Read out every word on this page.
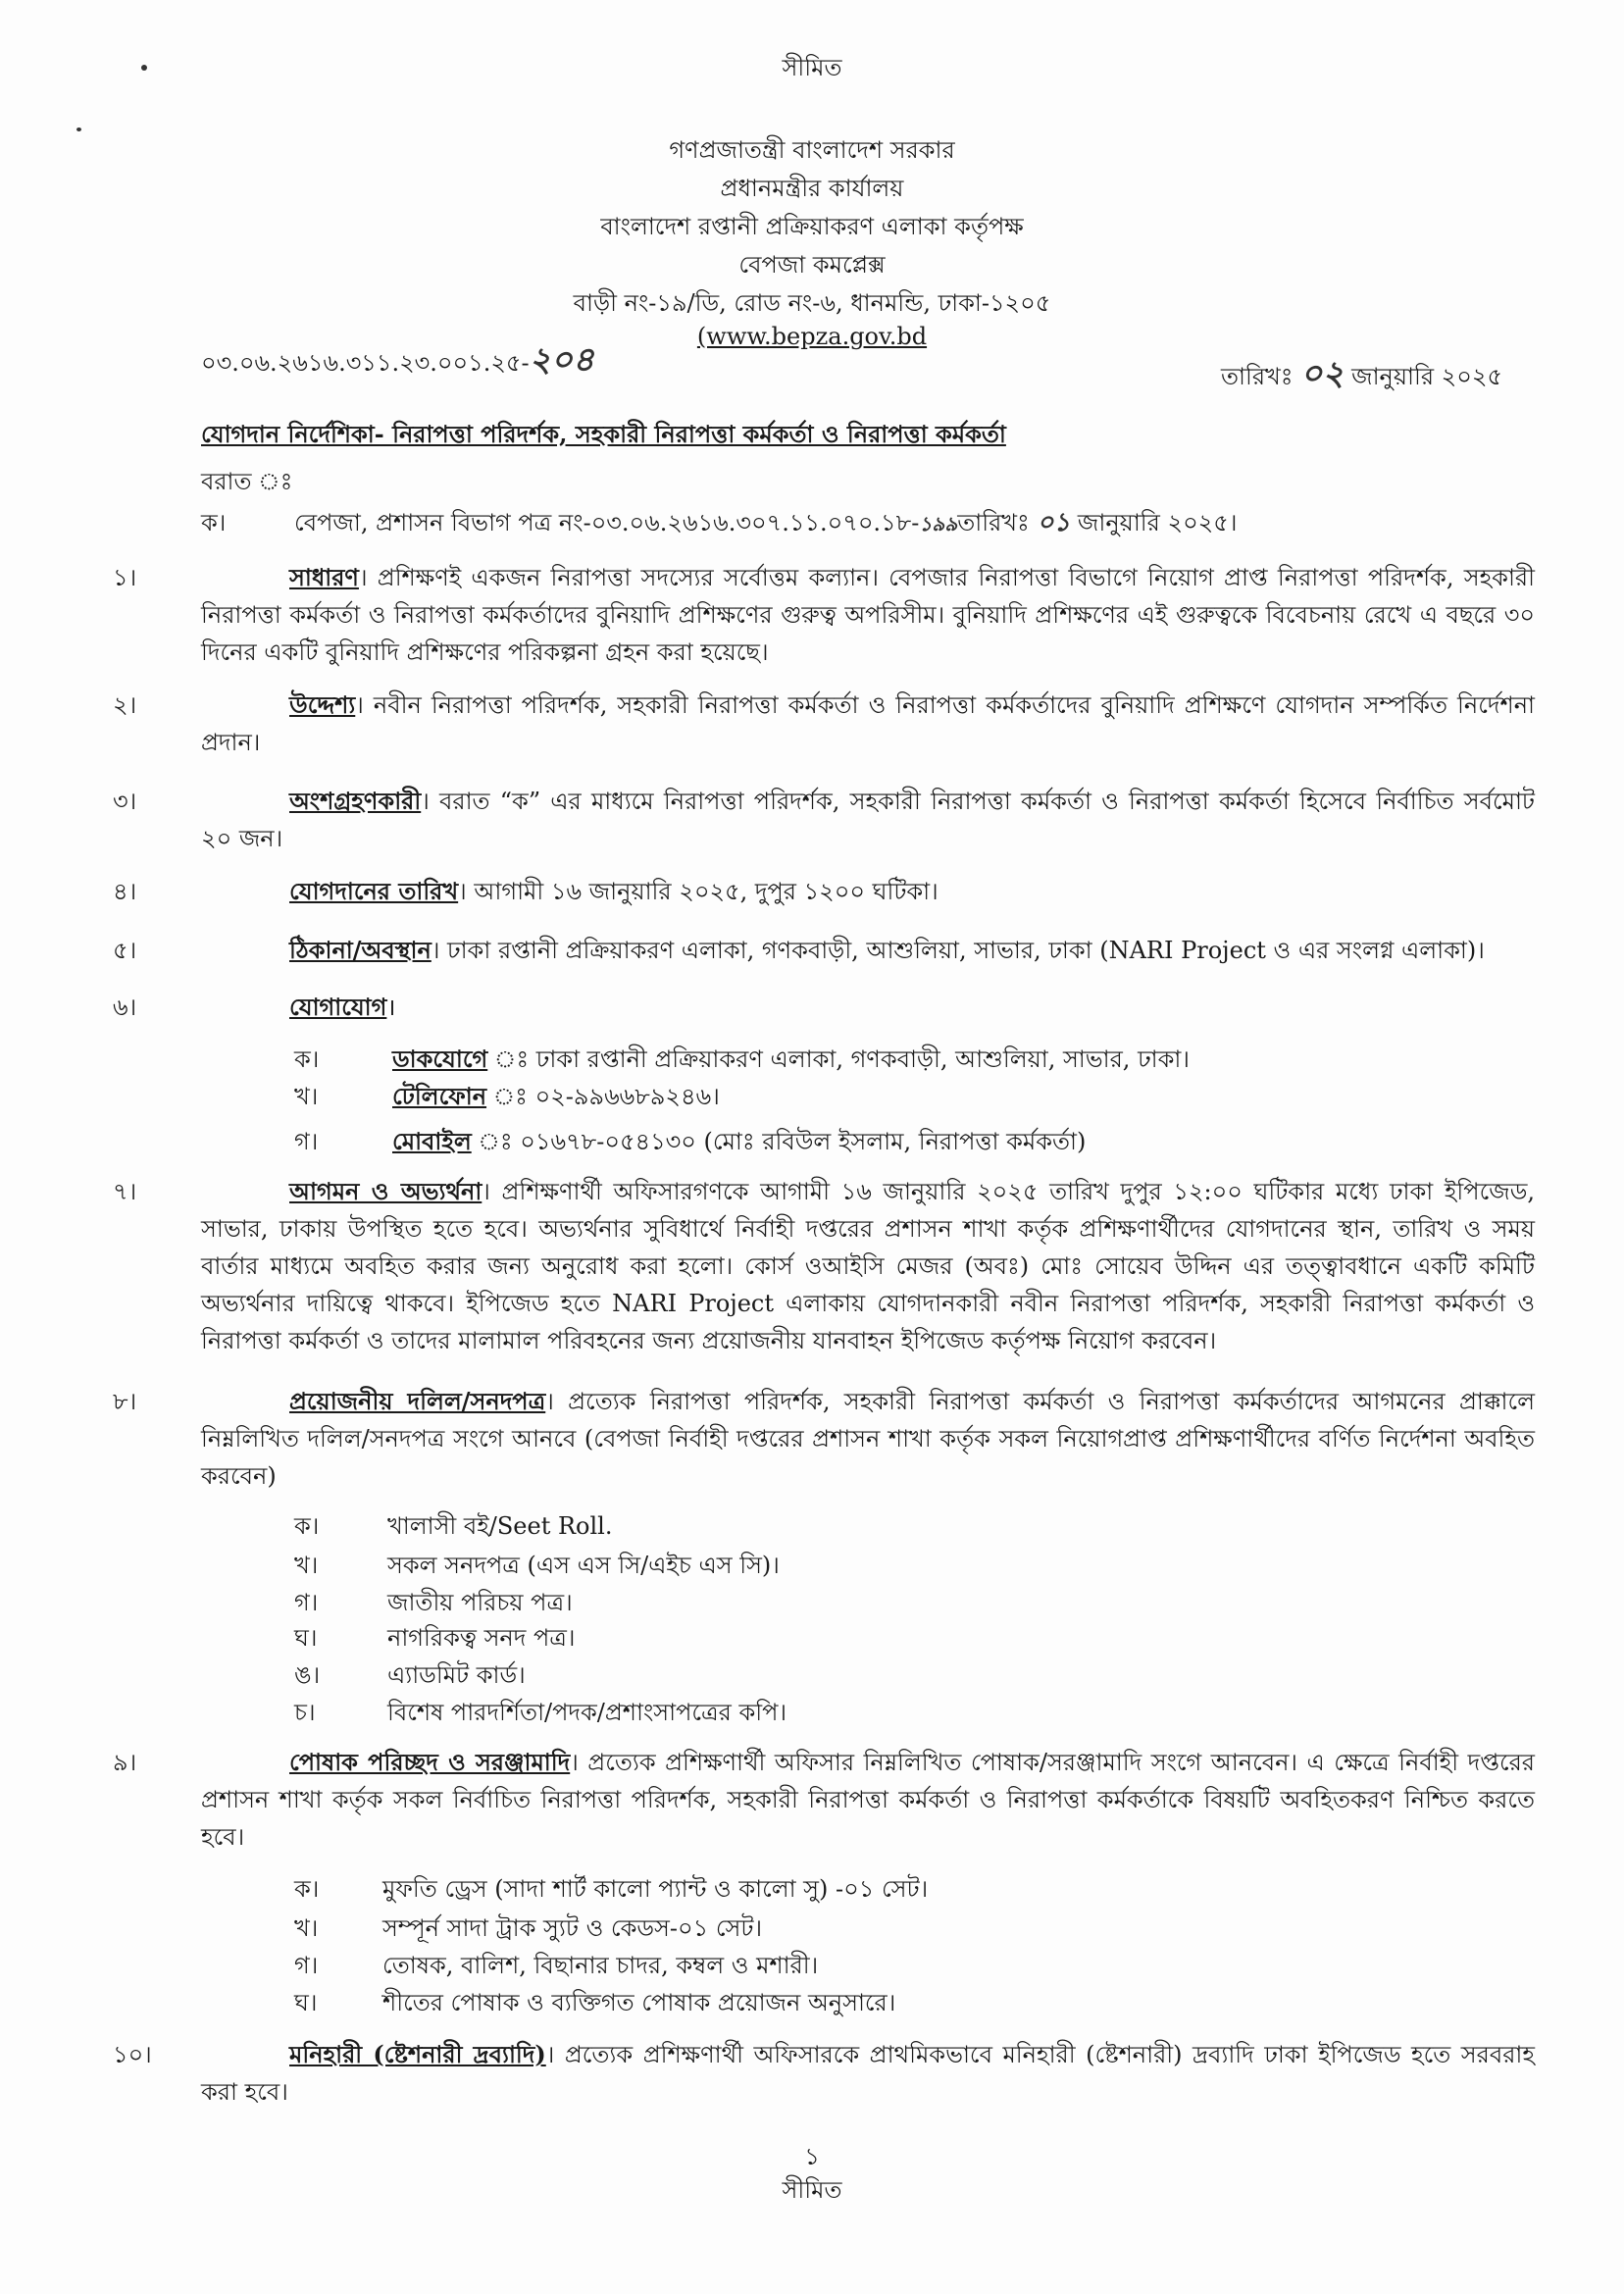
সীমিত
গণপ্রজাতন্ত্রী বাংলাদেশ সরকার
প্রধানমন্ত্রীর কার্যালয়
বাংলাদেশ রপ্তানী প্রক্রিয়াকরণ এলাকা কর্তৃপক্ষ
বেপজা কমপ্লেক্স
বাড়ী নং-১৯/ডি, রোড নং-৬, ধানমন্ডি, ঢাকা-১২০৫
(www.bepza.gov.bd
০৩.০৬.২৬১৬.৩১১.২৩.০০১.২৫-২০৪	তারিখঃ ০২ জানুয়ারি ২০২৫
যোগদান নির্দেশিকা- নিরাপত্তা পরিদর্শক, সহকারী নিরাপত্তা কর্মকর্তা ও নিরাপত্তা কর্মকর্তা
বরাত ঃ
ক।	বেপজা, প্রশাসন বিভাগ পত্র নং-০৩.০৬.২৬১৬.৩০৭.১১.০৭০.১৮-১৯৯তারিখঃ ০১ জানুয়ারি ২০২৫।
১।	সাধারণ। প্রশিক্ষণই একজন নিরাপত্তা সদস্যের সর্বোত্তম কল্যান। বেপজার নিরাপত্তা বিভাগে নিয়োগ প্রাপ্ত নিরাপত্তা পরিদর্শক, সহকারী নিরাপত্তা কর্মকর্তা ও নিরাপত্তা কর্মকর্তাদের বুনিয়াদি প্রশিক্ষণের গুরুত্ব অপরিসীম। বুনিয়াদি প্রশিক্ষণের এই গুরুত্বকে বিবেচনায় রেখে এ বছরে ৩০ দিনের একটি বুনিয়াদি প্রশিক্ষণের পরিকল্পনা গ্রহন করা হয়েছে।
২।	উদ্দেশ্য। নবীন নিরাপত্তা পরিদর্শক, সহকারী নিরাপত্তা কর্মকর্তা ও নিরাপত্তা কর্মকর্তাদের বুনিয়াদি প্রশিক্ষণে যোগদান সম্পর্কিত নির্দেশনা প্রদান।
৩।	অংশগ্রহণকারী। বরাত “ক” এর মাধ্যমে নিরাপত্তা পরিদর্শক, সহকারী নিরাপত্তা কর্মকর্তা ও নিরাপত্তা কর্মকর্তা হিসেবে নির্বাচিত সর্বমোট ২০ জন।
৪।	যোগদানের তারিখ। আগামী ১৬ জানুয়ারি ২০২৫, দুপুর ১২০০ ঘটিকা।
৫।	ঠিকানা/অবস্থান। ঢাকা রপ্তানী প্রক্রিয়াকরণ এলাকা, গণকবাড়ী, আশুলিয়া, সাভার, ঢাকা (NARI Project ও এর সংলগ্ন এলাকা)।
৬।	যোগাযোগ।
ক।	ডাকযোগে ঃ ঢাকা রপ্তানী প্রক্রিয়াকরণ এলাকা, গণকবাড়ী, আশুলিয়া, সাভার, ঢাকা।
খ।	টেলিফোন ঃ ০২-৯৯৬৬৮৯২৪৬।
গ।	মোবাইল ঃ ০১৬৭৮-০৫৪১৩০ (মোঃ রবিউল ইসলাম, নিরাপত্তা কর্মকর্তা)
৭।	আগমন ও অভ্যর্থনা। প্রশিক্ষণার্থী অফিসারগণকে আগামী ১৬ জানুয়ারি ২০২৫ তারিখ দুপুর ১২:০০ ঘটিকার মধ্যে ঢাকা ইপিজেড, সাভার, ঢাকায় উপস্থিত হতে হবে। অভ্যর্থনার সুবিধার্থে নির্বাহী দপ্তরের প্রশাসন শাখা কর্তৃক প্রশিক্ষণার্থীদের যোগদানের স্থান, তারিখ ও সময় বার্তার মাধ্যমে অবহিত করার জন্য অনুরোধ করা হলো। কোর্স ওআইসি মেজর (অবঃ) মোঃ সোয়েব উদ্দিন এর তত্ত্বাবধানে একটি কমিটি অভ্যর্থনার দায়িত্বে থাকবে। ইপিজেড হতে NARI Project এলাকায় যোগদানকারী নবীন নিরাপত্তা পরিদর্শক, সহকারী নিরাপত্তা কর্মকর্তা ও নিরাপত্তা কর্মকর্তা ও তাদের মালামাল পরিবহনের জন্য প্রয়োজনীয় যানবাহন ইপিজেড কর্তৃপক্ষ নিয়োগ করবেন।
৮।	প্রয়োজনীয় দলিল/সনদপত্র। প্রত্যেক নিরাপত্তা পরিদর্শক, সহকারী নিরাপত্তা কর্মকর্তা ও নিরাপত্তা কর্মকর্তাদের আগমনের প্রাক্কালে নিম্নলিখিত দলিল/সনদপত্র সংগে আনবে (বেপজা নির্বাহী দপ্তরের প্রশাসন শাখা কর্তৃক সকল নিয়োগপ্রাপ্ত প্রশিক্ষণার্থীদের বর্ণিত নির্দেশনা অবহিত করবেন)
ক।	খালাসী বই/Seet Roll.
খ।	সকল সনদপত্র (এস এস সি/এইচ এস সি)।
গ।	জাতীয় পরিচয় পত্র।
ঘ।	নাগরিকত্ব সনদ পত্র।
ঙ।	এ্যাডমিট কার্ড।
চ।	বিশেষ পারদর্শিতা/পদক/প্রশাংসাপত্রের কপি।
৯।	পোষাক পরিচ্ছদ ও সরঞ্জামাদি। প্রত্যেক প্রশিক্ষণার্থী অফিসার নিম্নলিখিত পোষাক/সরঞ্জামাদি সংগে আনবেন। এ ক্ষেত্রে নির্বাহী দপ্তরের প্রশাসন শাখা কর্তৃক সকল নির্বাচিত নিরাপত্তা পরিদর্শক, সহকারী নিরাপত্তা কর্মকর্তা ও নিরাপত্তা কর্মকর্তাকে বিষয়টি অবহিতকরণ নিশ্চিত করতে হবে।
ক।	মুফতি ড্রেস (সাদা শার্ট কালো প্যান্ট ও কালো সু) -০১ সেট।
খ।	সম্পূর্ন সাদা ট্রাক স্যুট ও কেডস-০১ সেট।
গ।	তোষক, বালিশ, বিছানার চাদর, কম্বল ও মশারী।
ঘ।	শীতের পোষাক ও ব্যক্তিগত পোষাক প্রয়োজন অনুসারে।
১০।	মনিহারী (ষ্টেশনারী দ্রব্যাদি)। প্রত্যেক প্রশিক্ষণার্থী অফিসারকে প্রাথমিকভাবে মনিহারী (ষ্টেশনারী) দ্রব্যাদি ঢাকা ইপিজেড হতে সরবরাহ করা হবে।
১
সীমিত
